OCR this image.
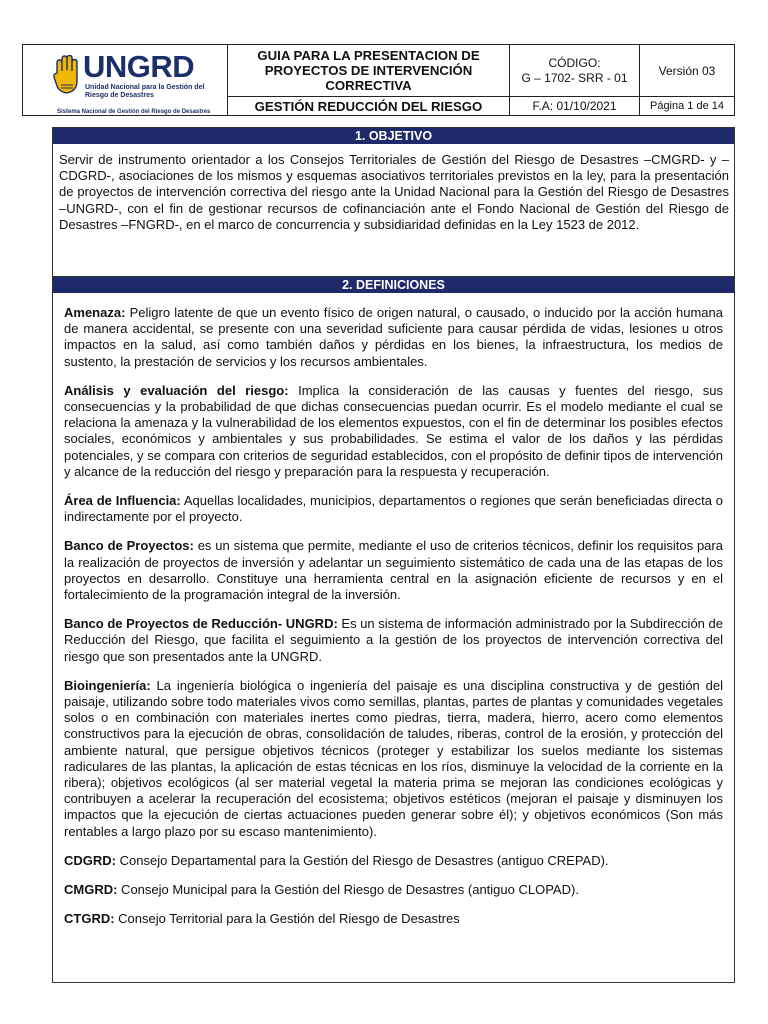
UNGRD
Unidad Nacional para la Gestión del Riesgo de Desastres
Sistema Nacional de Gestión del Riesgo de Desastres
GUIA PARA LA PRESENTACION DE PROYECTOS DE INTERVENCIÓN CORRECTIVA
GESTIÓN REDUCCIÓN DEL RIESGO
CÓDIGO:
G – 1702- SRR - 01
F.A: 01/10/2021
Versión 03
Página 1 de 14
1. OBJETIVO
Servir de instrumento orientador a los Consejos Territoriales de Gestión del Riesgo de Desastres –CMGRD- y –CDGRD-, asociaciones de los mismos y esquemas asociativos territoriales previstos en la ley, para la presentación de proyectos de intervención correctiva del riesgo ante la Unidad Nacional para la Gestión del Riesgo de Desastres –UNGRD-, con el fin de gestionar recursos de cofinanciación ante el Fondo Nacional de Gestión del Riesgo de Desastres –FNGRD-, en el marco de concurrencia y subsidiaridad definidas en la Ley 1523 de 2012.
2. DEFINICIONES

Amenaza: Peligro latente de que un evento físico de origen natural, o causado, o inducido por la acción humana de manera accidental, se presente con una severidad suficiente para causar pérdida de vidas, lesiones u otros impactos en la salud, así como también daños y pérdidas en los bienes, la infraestructura, los medios de sustento, la prestación de servicios y los recursos ambientales.

Análisis y evaluación del riesgo: Implica la consideración de las causas y fuentes del riesgo, sus consecuencias y la probabilidad de que dichas consecuencias puedan ocurrir. Es el modelo mediante el cual se relaciona la amenaza y la vulnerabilidad de los elementos expuestos, con el fin de determinar los posibles efectos sociales, económicos y ambientales y sus probabilidades. Se estima el valor de los daños y las pérdidas potenciales, y se compara con criterios de seguridad establecidos, con el propósito de definir tipos de intervención y alcance de la reducción del riesgo y preparación para la respuesta y recuperación.

Área de Influencia: Aquellas localidades, municipios, departamentos o regiones que serán beneficiadas directa o indirectamente por el proyecto.

Banco de Proyectos: es un sistema que permite, mediante el uso de criterios técnicos, definir los requisitos para la realización de proyectos de inversión y adelantar un seguimiento sistemático de cada una de las etapas de los proyectos en desarrollo. Constituye una herramienta central en la asignación eficiente de recursos y en el fortalecimiento de la programación integral de la inversión.

Banco de Proyectos de Reducción- UNGRD: Es un sistema de información administrado por la Subdirección de Reducción del Riesgo, que facilita el seguimiento a la gestión de los proyectos de intervención correctiva del riesgo que son presentados ante la UNGRD.

Bioingeniería: La ingeniería biológica o ingeniería del paisaje es una disciplina constructiva y de gestión del paisaje, utilizando sobre todo materiales vivos como semillas, plantas, partes de plantas y comunidades vegetales solos o en combinación con materiales inertes como piedras, tierra, madera, hierro, acero como elementos constructivos para la ejecución de obras, consolidación de taludes, riberas, control de la erosión, y protección del ambiente natural, que persigue objetivos técnicos (proteger y estabilizar los suelos mediante los sistemas radiculares de las plantas, la aplicación de estas técnicas en los ríos, disminuye la velocidad de la corriente en la ribera); objetivos ecológicos (al ser material vegetal la materia prima se mejoran las condiciones ecológicas y contribuyen a acelerar la recuperación del ecosistema; objetivos estéticos (mejoran el paisaje y disminuyen los impactos que la ejecución de ciertas actuaciones pueden generar sobre él); y objetivos económicos (Son más rentables a largo plazo por su escaso mantenimiento).

CDGRD: Consejo Departamental para la Gestión del Riesgo de Desastres (antiguo CREPAD).

CMGRD: Consejo Municipal para la Gestión del Riesgo de Desastres (antiguo CLOPAD).

CTGRD: Consejo Territorial para la Gestión del Riesgo de Desastres
